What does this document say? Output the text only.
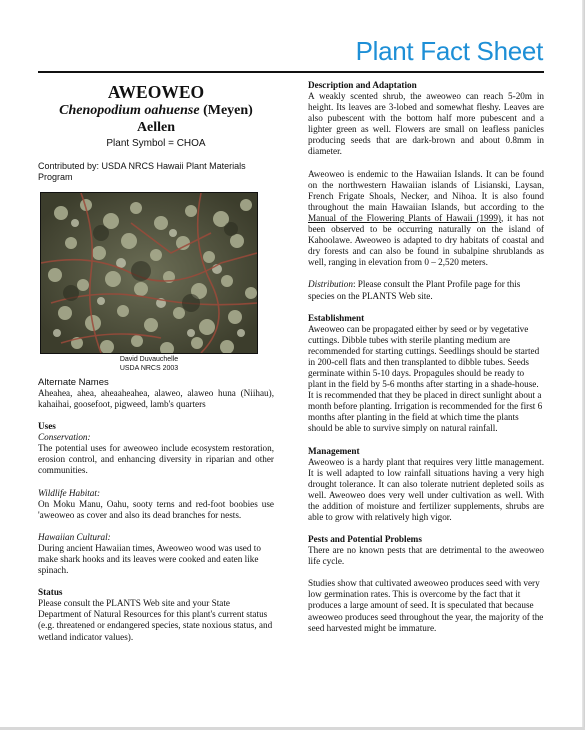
Plant Fact Sheet
AWEOWEO
Chenopodium oahuense (Meyen)
Aellen
Plant Symbol = CHOA
Contributed by: USDA NRCS Hawaii Plant Materials Program
David Duvauchelle
USDA NRCS 2003
Alternate Names

Aheahea, ahea, aheaaheahea, alaweo, alaweo huna (Niihau), kahaihai, goosefoot, pigweed, lamb's quarters

Uses
Conservation:

The potential uses for aweoweo include ecosystem restoration, erosion control, and enhancing diversity in riparian and other communities.

Wildlife Habitat:

On Moku Manu, Oahu, sooty terns and red-foot boobies use 'aweoweo as cover and also its dead branches for nests.

Hawaiian Cultural:

During ancient Hawaiian times, Aweoweo wood was used to make shark hooks and its leaves were cooked and eaten like spinach.

Status

Please consult the PLANTS Web site and your State Department of Natural Resources for this plant's current status (e.g. threatened or endangered species, state noxious status, and wetland indicator values).

Description and Adaptation

A weakly scented shrub, the aweoweo can reach 5-20m in height. Its leaves are 3-lobed and somewhat fleshy. Leaves are also pubescent with the bottom half more pubescent and a lighter green as well. Flowers are small on leafless panicles producing seeds that are dark-brown and about 0.8mm in diameter.

Aweoweo is endemic to the Hawaiian Islands. It can be found on the northwestern Hawaiian islands of Lisianski, Laysan, French Frigate Shoals, Necker, and Nihoa. It is also found throughout the main Hawaiian Islands, but according to the Manual of the Flowering Plants of Hawaii (1999), it has not been observed to be occurring naturally on the island of Kahoolawe. Aweoweo is adapted to dry habitats of coastal and dry forests and can also be found in subalpine shrublands as well, ranging in elevation from 0 – 2,520 meters.

Distribution: Please consult the Plant Profile page for this species on the PLANTS Web site.

Establishment

Aweoweo can be propagated either by seed or by vegetative cuttings. Dibble tubes with sterile planting medium are recommended for starting cuttings. Seedlings should be started in 200-cell flats and then transplanted to dibble tubes. Seeds germinate within 5-10 days. Propagules should be ready to plant in the field by 5-6 months after starting in a shade-house. It is recommended that they be placed in direct sunlight about a month before planting. Irrigation is recommended for the first 6 months after planting in the field at which time the plants should be able to survive simply on natural rainfall.

Management

Aweoweo is a hardy plant that requires very little management. It is well adapted to low rainfall situations having a very high drought tolerance. It can also tolerate nutrient depleted soils as well. Aweoweo does very well under cultivation as well. With the addition of moisture and fertilizer supplements, shrubs are able to grow with relatively high vigor.

Pests and Potential Problems

There are no known pests that are detrimental to the aweoweo life cycle.

Studies show that cultivated aweoweo produces seed with very low germination rates. This is overcome by the fact that it produces a large amount of seed. It is speculated that because aweoweo produces seed throughout the year, the majority of the seed harvested might be immature.
